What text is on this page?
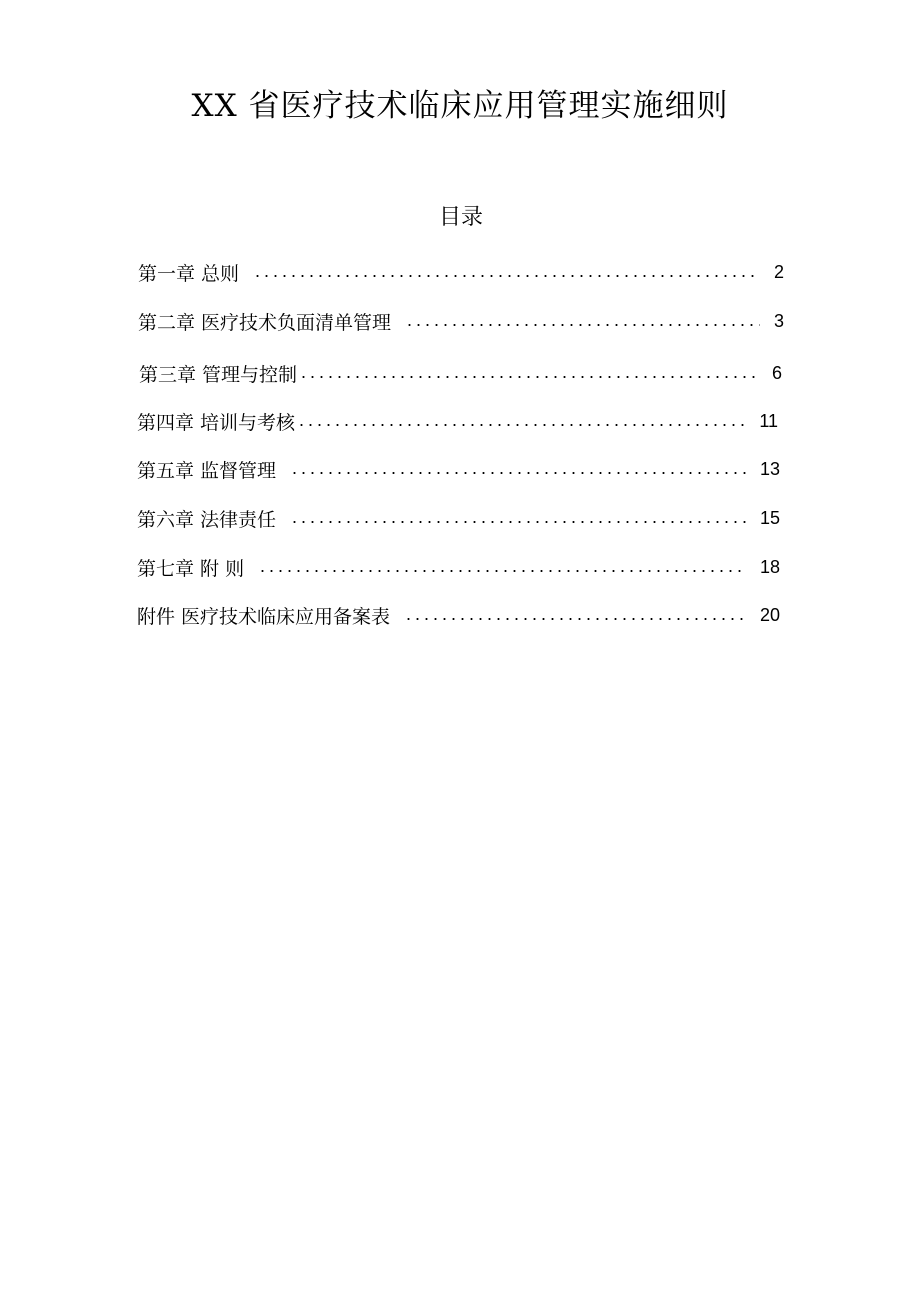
XX 省医疗技术临床应用管理实施细则
目录
第一章 总则	2
第二章 医疗技术负面清单管理	3
第三章 管理与控制	6
第四章 培训与考核	11
第五章 监督管理	13
第六章 法律责任	15
第七章 附 则	18
附件 医疗技术临床应用备案表	20
